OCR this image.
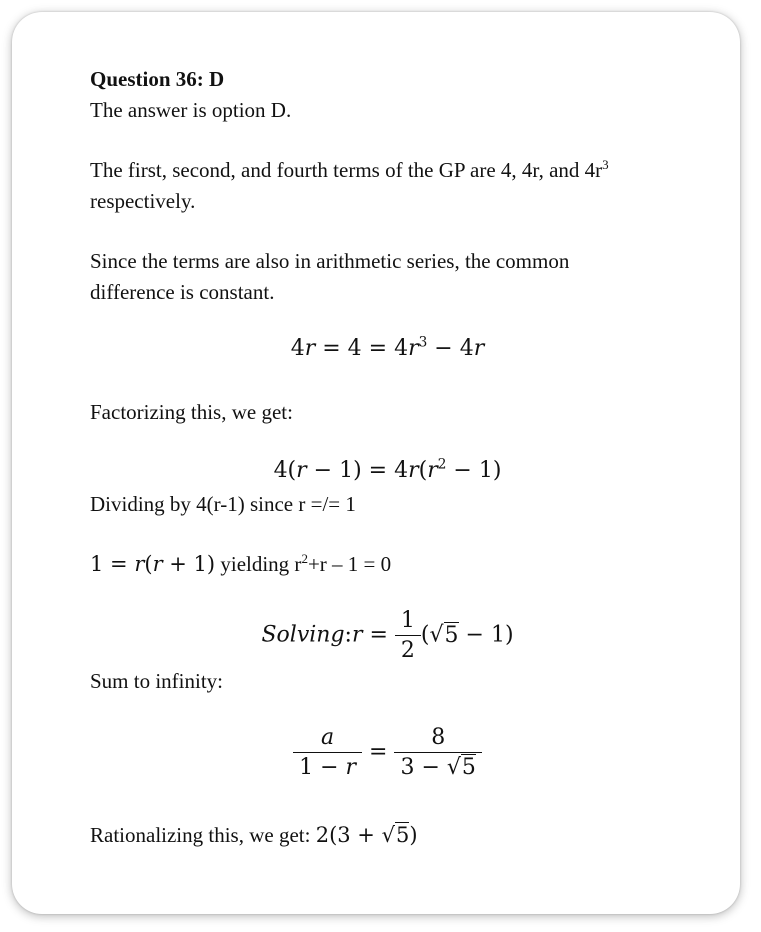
Question 36: D
The answer is option D.
The first, second, and fourth terms of the GP are 4, 4r, and $4r^3$
respectively.
Since the terms are also in arithmetic series, the common
difference is constant.
$4r = 4 = 4r^3 - 4r$
Factorizing this, we get:
$4(r - 1) = 4r(r^2 - 1)$
Dividing by 4(r-1) since r =/= 1
1 = r(r + 1) yielding $r^2+r - 1 = 0$
Solving:r = $\frac{1}{2} (√5 - 1)$
Sum to infinity:
$\frac{a}{1 - r} = \frac{8}{3 - √5}$
Rationalizing this, we get: 2(3 + √5)
